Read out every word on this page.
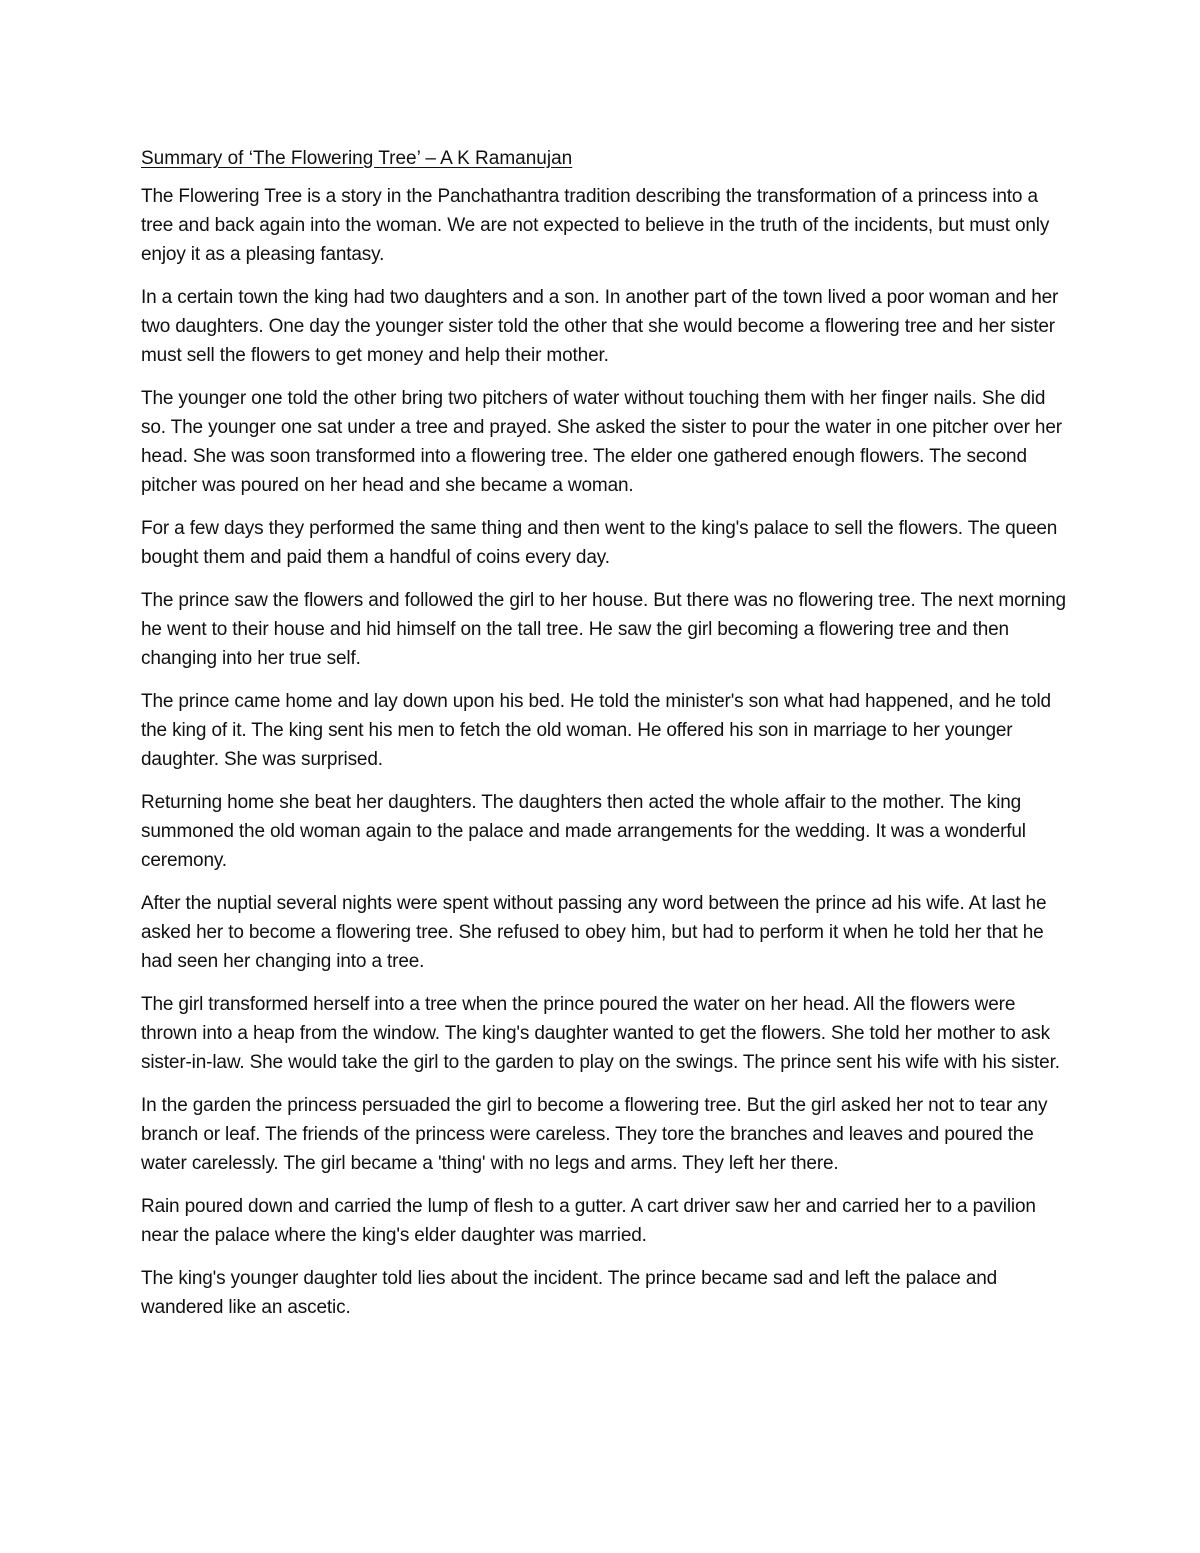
Summary of ‘The Flowering Tree’ – A K Ramanujan

The Flowering Tree is a story in the Panchathantra tradition describing the transformation of a princess into a tree and back again into the woman. We are not expected to believe in the truth of the incidents, but must only enjoy it as a pleasing fantasy.

In a certain town the king had two daughters and a son. In another part of the town lived a poor woman and her two daughters. One day the younger sister told the other that she would become a flowering tree and her sister must sell the flowers to get money and help their mother.

The younger one told the other bring two pitchers of water without touching them with her finger nails. She did so. The younger one sat under a tree and prayed. She asked the sister to pour the water in one pitcher over her head. She was soon transformed into a flowering tree. The elder one gathered enough flowers. The second pitcher was poured on her head and she became a woman.

For a few days they performed the same thing and then went to the king's palace to sell the flowers. The queen bought them and paid them a handful of coins every day.

The prince saw the flowers and followed the girl to her house. But there was no flowering tree. The next morning he went to their house and hid himself on the tall tree. He saw the girl becoming a flowering tree and then changing into her true self.

The prince came home and lay down upon his bed. He told the minister's son what had happened, and he told the king of it. The king sent his men to fetch the old woman. He offered his son in marriage to her younger daughter. She was surprised.

Returning home she beat her daughters. The daughters then acted the whole affair to the mother. The king summoned the old woman again to the palace and made arrangements for the wedding. It was a wonderful ceremony.

After the nuptial several nights were spent without passing any word between the prince ad his wife. At last he asked her to become a flowering tree. She refused to obey him, but had to perform it when he told her that he had seen her changing into a tree.

The girl transformed herself into a tree when the prince poured the water on her head. All the flowers were thrown into a heap from the window. The king's daughter wanted to get the flowers. She told her mother to ask sister-in-law. She would take the girl to the garden to play on the swings. The prince sent his wife with his sister.

In the garden the princess persuaded the girl to become a flowering tree. But the girl asked her not to tear any branch or leaf. The friends of the princess were careless. They tore the branches and leaves and poured the water carelessly. The girl became a 'thing' with no legs and arms. They left her there.

Rain poured down and carried the lump of flesh to a gutter. A cart driver saw her and carried her to a pavilion near the palace where the king's elder daughter was married.

The king's younger daughter told lies about the incident. The prince became sad and left the palace and wandered like an ascetic.
